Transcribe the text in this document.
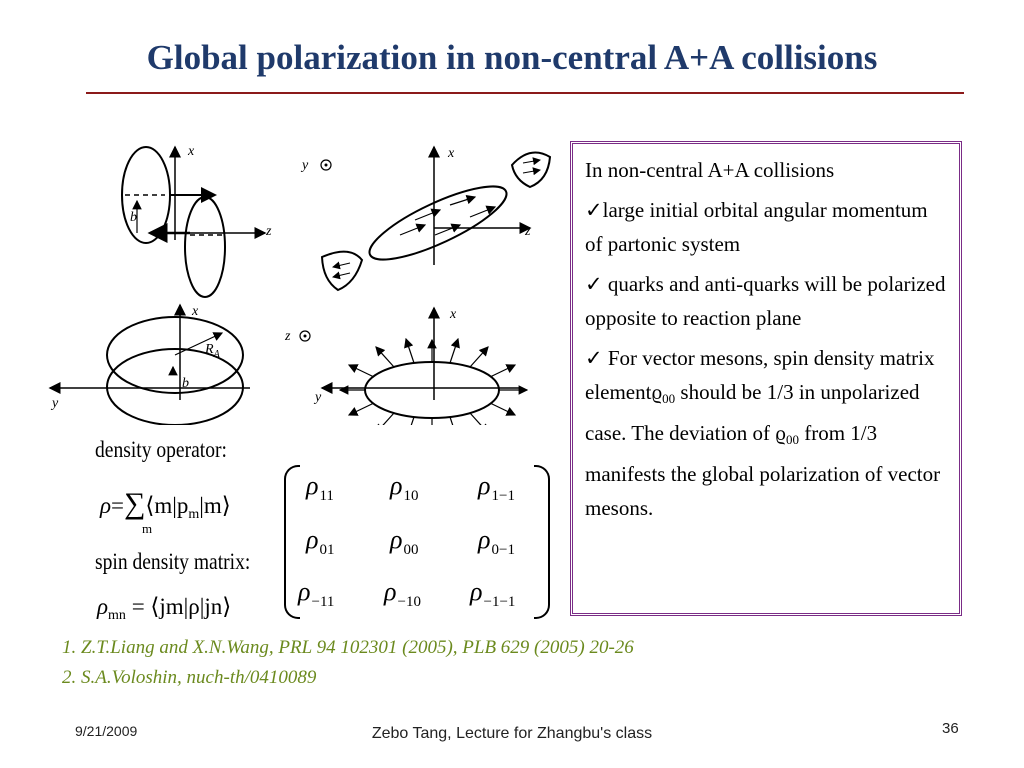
Global polarization in non-central A+A collisions
b
x
z
y
x
z
x
y
$R_A$
b
z
x
y
density operator:
$\rho=\sum⟨m|p_m|m⟩$
m
spin density matrix:
$\rho_{mn}$ = ⟨jm|ρ|jn⟩
$\rho_{11}$ $\rho_{10}$ $\rho_{1-1}$
$\rho_{01}$ $\rho_{00}$ $\rho_{0-1}$
$\rho_{-11}$ $\rho_{-10}$ $\rho_{-1-1}$

In non-central A+A collisions

✓large initial orbital angular momentum of partonic system

✓ quarks and anti-quarks will be polarized opposite to reaction plane

✓ For vector mesons, spin density matrix elementϱ00 should be 1/3 in unpolarized case. The deviation of ϱ00 from 1/3 manifests the global polarization of vector mesons.

1. Z.T.Liang and X.N.Wang, PRL 94 102301 (2005), PLB 629 (2005) 20-26
2. S.A.Voloshin, nuch-th/0410089
9/21/2009	Zebo Tang, Lecture for Zhangbu's class	36
